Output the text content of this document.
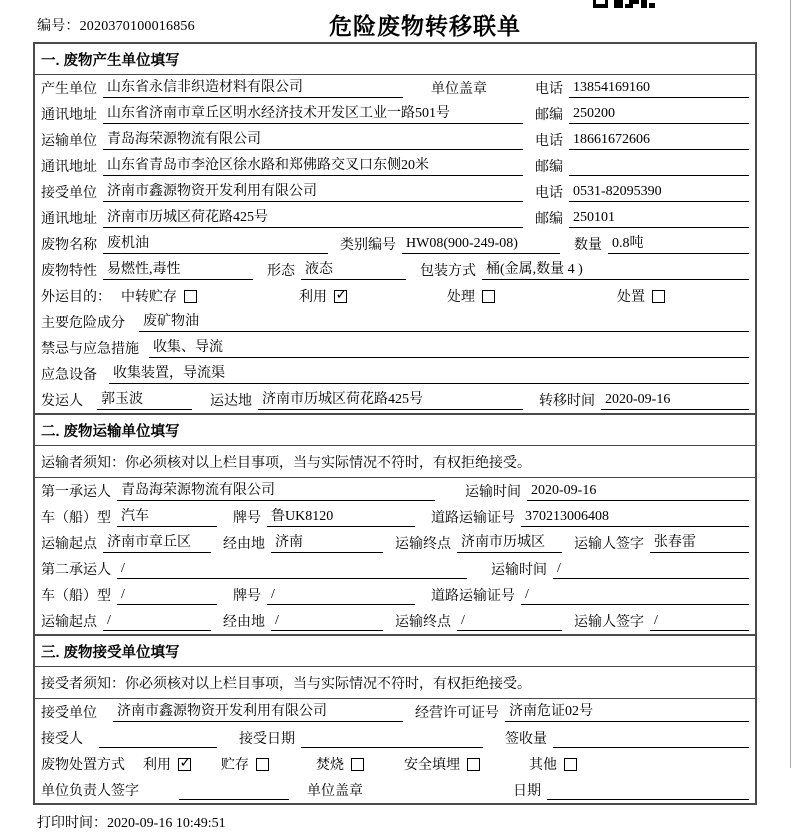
编号：2020370100016856	危险废物转移联单
一. 废物产生单位填写
产生单位 山东省永信非织造材料有限公司	单位盖章	电话 13854169160
通讯地址 山东省济南市章丘区明水经济技术开发区工业一路501号	邮编 250200
运输单位 青岛海荣源物流有限公司	电话 18661672606
通讯地址 山东省青岛市李沧区徐水路和郑佛路交叉口东侧20米	邮编
接受单位 济南市鑫源物资开发利用有限公司	电话 0531-82095390
通讯地址 济南市历城区荷花路425号	邮编 250101
废物名称 废机油	类别编号 HW08(900-249-08)	数量 0.8吨
废物特性 易燃性,毒性	形态 液态	包装方式 桶(金属,数量 4 )
外运目的： 中转贮存	利用 ✓	处理	处置
主要危险成分 废矿物油
禁忌与应急措施 收集、导流
应急设备 收集装置，导流渠
发运人 郭玉波	运达地 济南市历城区荷花路425号	转移时间 2020-09-16
二. 废物运输单位填写
运输者须知：你必须核对以上栏目事项，当与实际情况不符时，有权拒绝接受。
第一承运人 青岛海荣源物流有限公司	运输时间 2020-09-16
车（船）型 汽车	牌号 鲁UK8120	道路运输证号 370213006408
运输起点 济南市章丘区	经由地 济南	运输终点 济南市历城区	运输人签字 张春雷
第二承运人 /	运输时间 /
车（船）型 /	牌号 /	道路运输证号 /
运输起点 /	经由地 /	运输终点 /	运输人签字 /
三. 废物接受单位填写
接受者须知：你必须核对以上栏目事项，当与实际情况不符时，有权拒绝接受。
接受单位 济南市鑫源物资开发利用有限公司	经营许可证号 济南危证02号
接受人	接受日期	签收量
废物处置方式 利用 ✓	贮存	焚烧	安全填埋	其他
单位负责人签字	单位盖章	日期
打印时间：2020-09-16 10:49:51
